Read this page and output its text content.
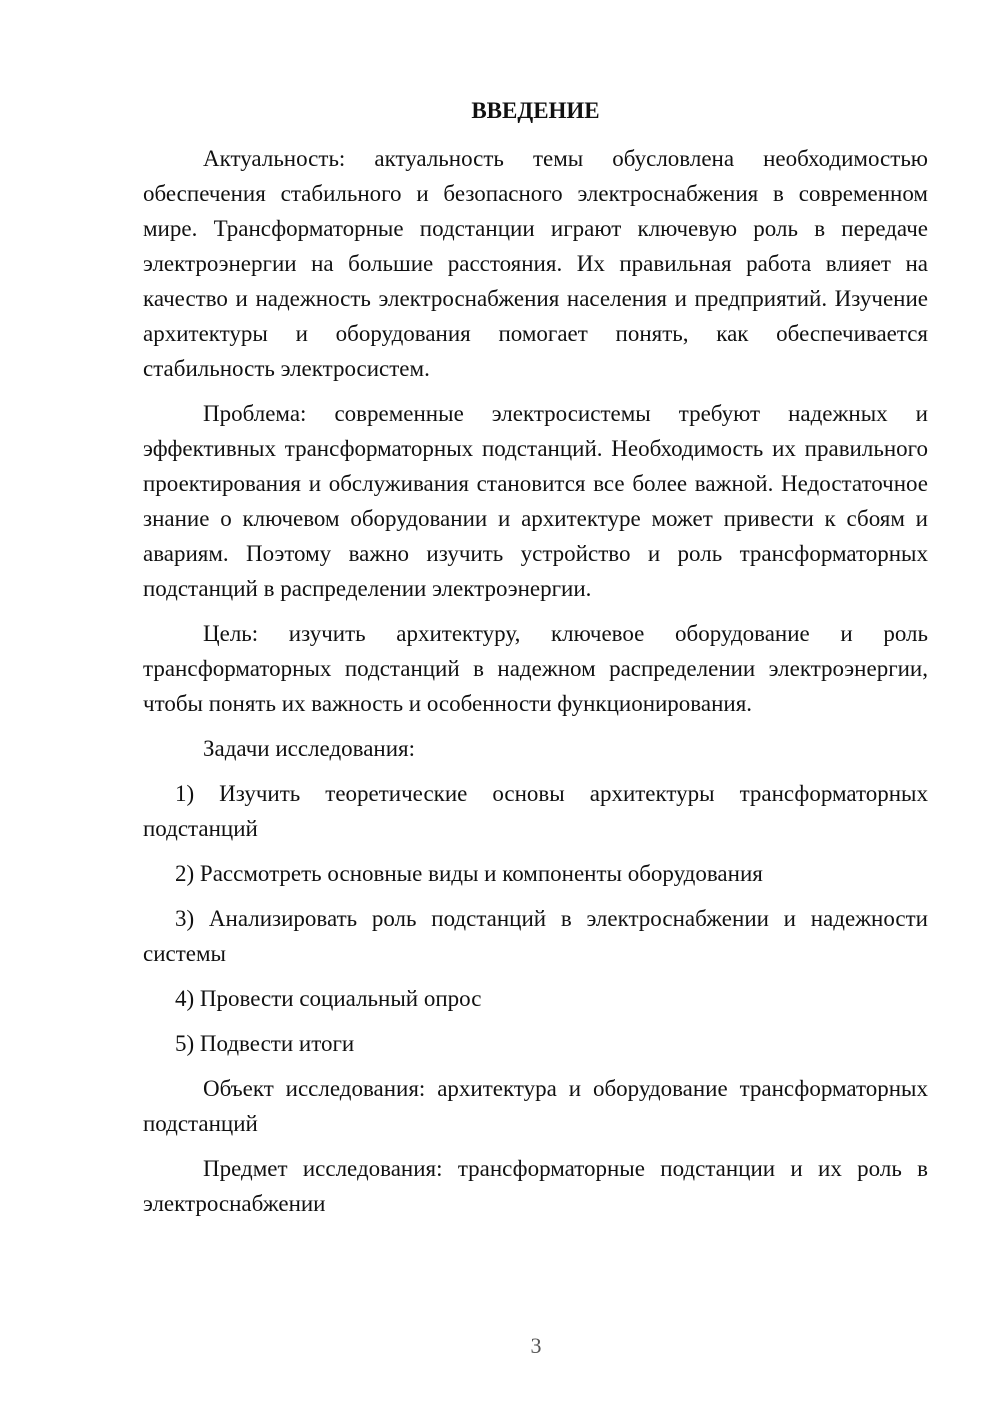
ВВЕДЕНИЕ

Актуальность: актуальность темы обусловлена необходимостью обеспечения стабильного и безопасного электроснабжения в современном мире. Трансформаторные подстанции играют ключевую роль в передаче электроэнергии на большие расстояния. Их правильная работа влияет на качество и надежность электроснабжения населения и предприятий. Изучение архитектуры и оборудования помогает понять, как обеспечивается стабильность электросистем.

Проблема: современные электросистемы требуют надежных и эффективных трансформаторных подстанций. Необходимость их правильного проектирования и обслуживания становится все более важной. Недостаточное знание о ключевом оборудовании и архитектуре может привести к сбоям и авариям. Поэтому важно изучить устройство и роль трансформаторных подстанций в распределении электроэнергии.

Цель: изучить архитектуру, ключевое оборудование и роль трансформаторных подстанций в надежном распределении электроэнергии, чтобы понять их важность и особенности функционирования.

Задачи исследования:

1) Изучить теоретические основы архитектуры трансформаторных подстанций

2) Рассмотреть основные виды и компоненты оборудования

3) Анализировать роль подстанций в электроснабжении и надежности системы

4) Провести социальный опрос

5) Подвести итоги

Объект исследования: архитектура и оборудование трансформаторных подстанций

Предмет исследования: трансформаторные подстанции и их роль в электроснабжении

3
